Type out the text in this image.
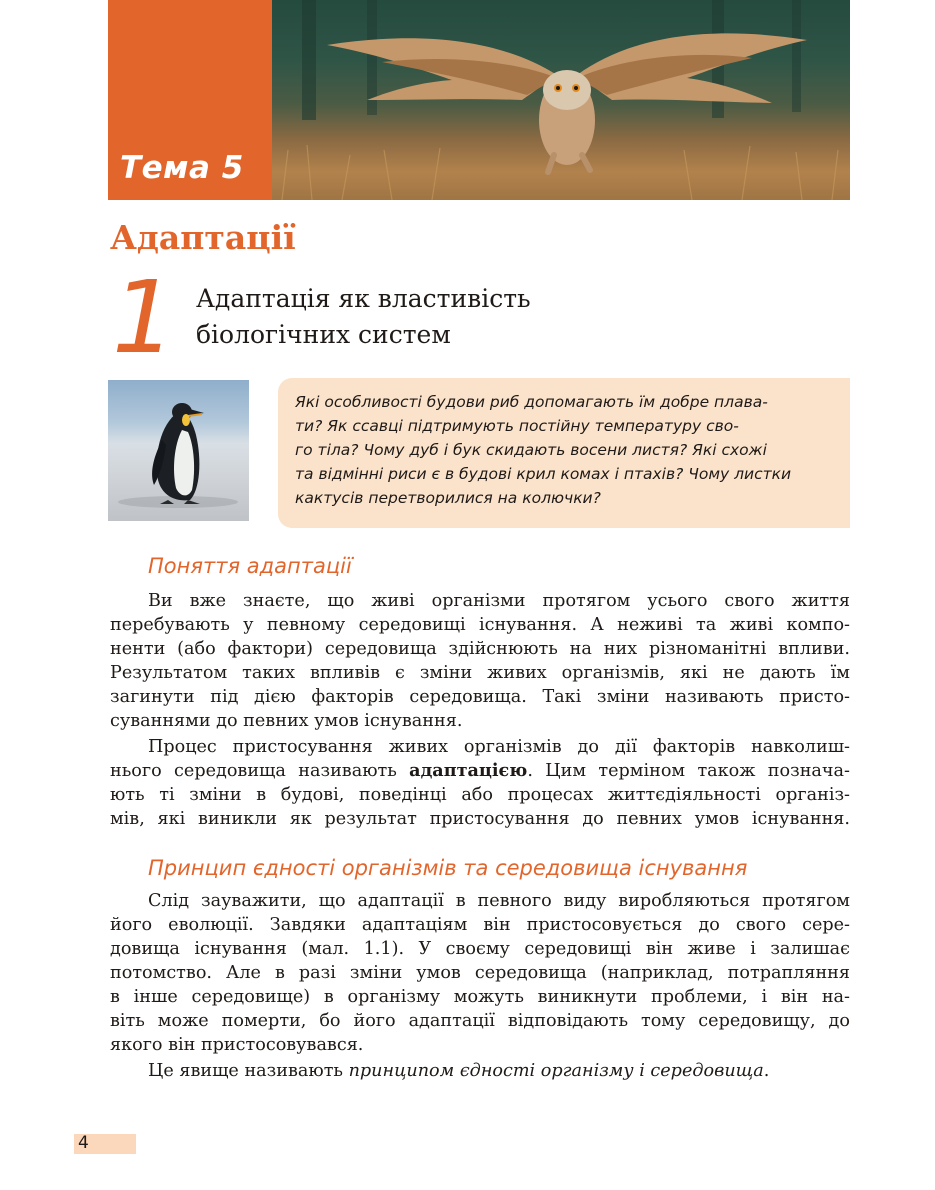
Тема 5
Адаптації
1 Адаптація як властивість
біологічних систем
Які особливості будови риб допомагають їм добре плава-
ти? Як ссавці підтримують постійну температуру сво-
го тіла? Чому дуб і бук скидають восени листя? Які схожі
та відмінні риси є в будові крил комах і птахів? Чому листки
кактусів перетворилися на колючки?
Поняття адаптації
Ви вже знаєте, що живі організми протягом усього свого життя
перебувають у певному середовищі існування. А неживі та живі компо-
ненти (або фактори) середовища здійснюють на них різноманітні впливи.
Результатом таких впливів є зміни живих організмів, які не дають їм
загинути під дією факторів середовища. Такі зміни називають присто-
суваннями до певних умов існування.
Процес пристосування живих організмів до дії факторів навколиш-
нього середовища називають адаптацією. Цим терміном також познача-
ють ті зміни в будові, поведінці або процесах життєдіяльності організ-
мів, які виникли як результат пристосування до певних умов існування.
Принцип єдності організмів та середовища існування
Слід зауважити, що адаптації в певного виду виробляються протягом
його еволюції. Завдяки адаптаціям він пристосовується до свого сере-
довища існування (мал. 1.1). У своєму середовищі він живе і залишає
потомство. Але в разі зміни умов середовища (наприклад, потрапляння
в інше середовище) в організму можуть виникнути проблеми, і він на-
віть може померти, бо його адаптації відповідають тому середовищу, до
якого він пристосовувався.
Це явище називають принципом єдності організму і середовища.
4
